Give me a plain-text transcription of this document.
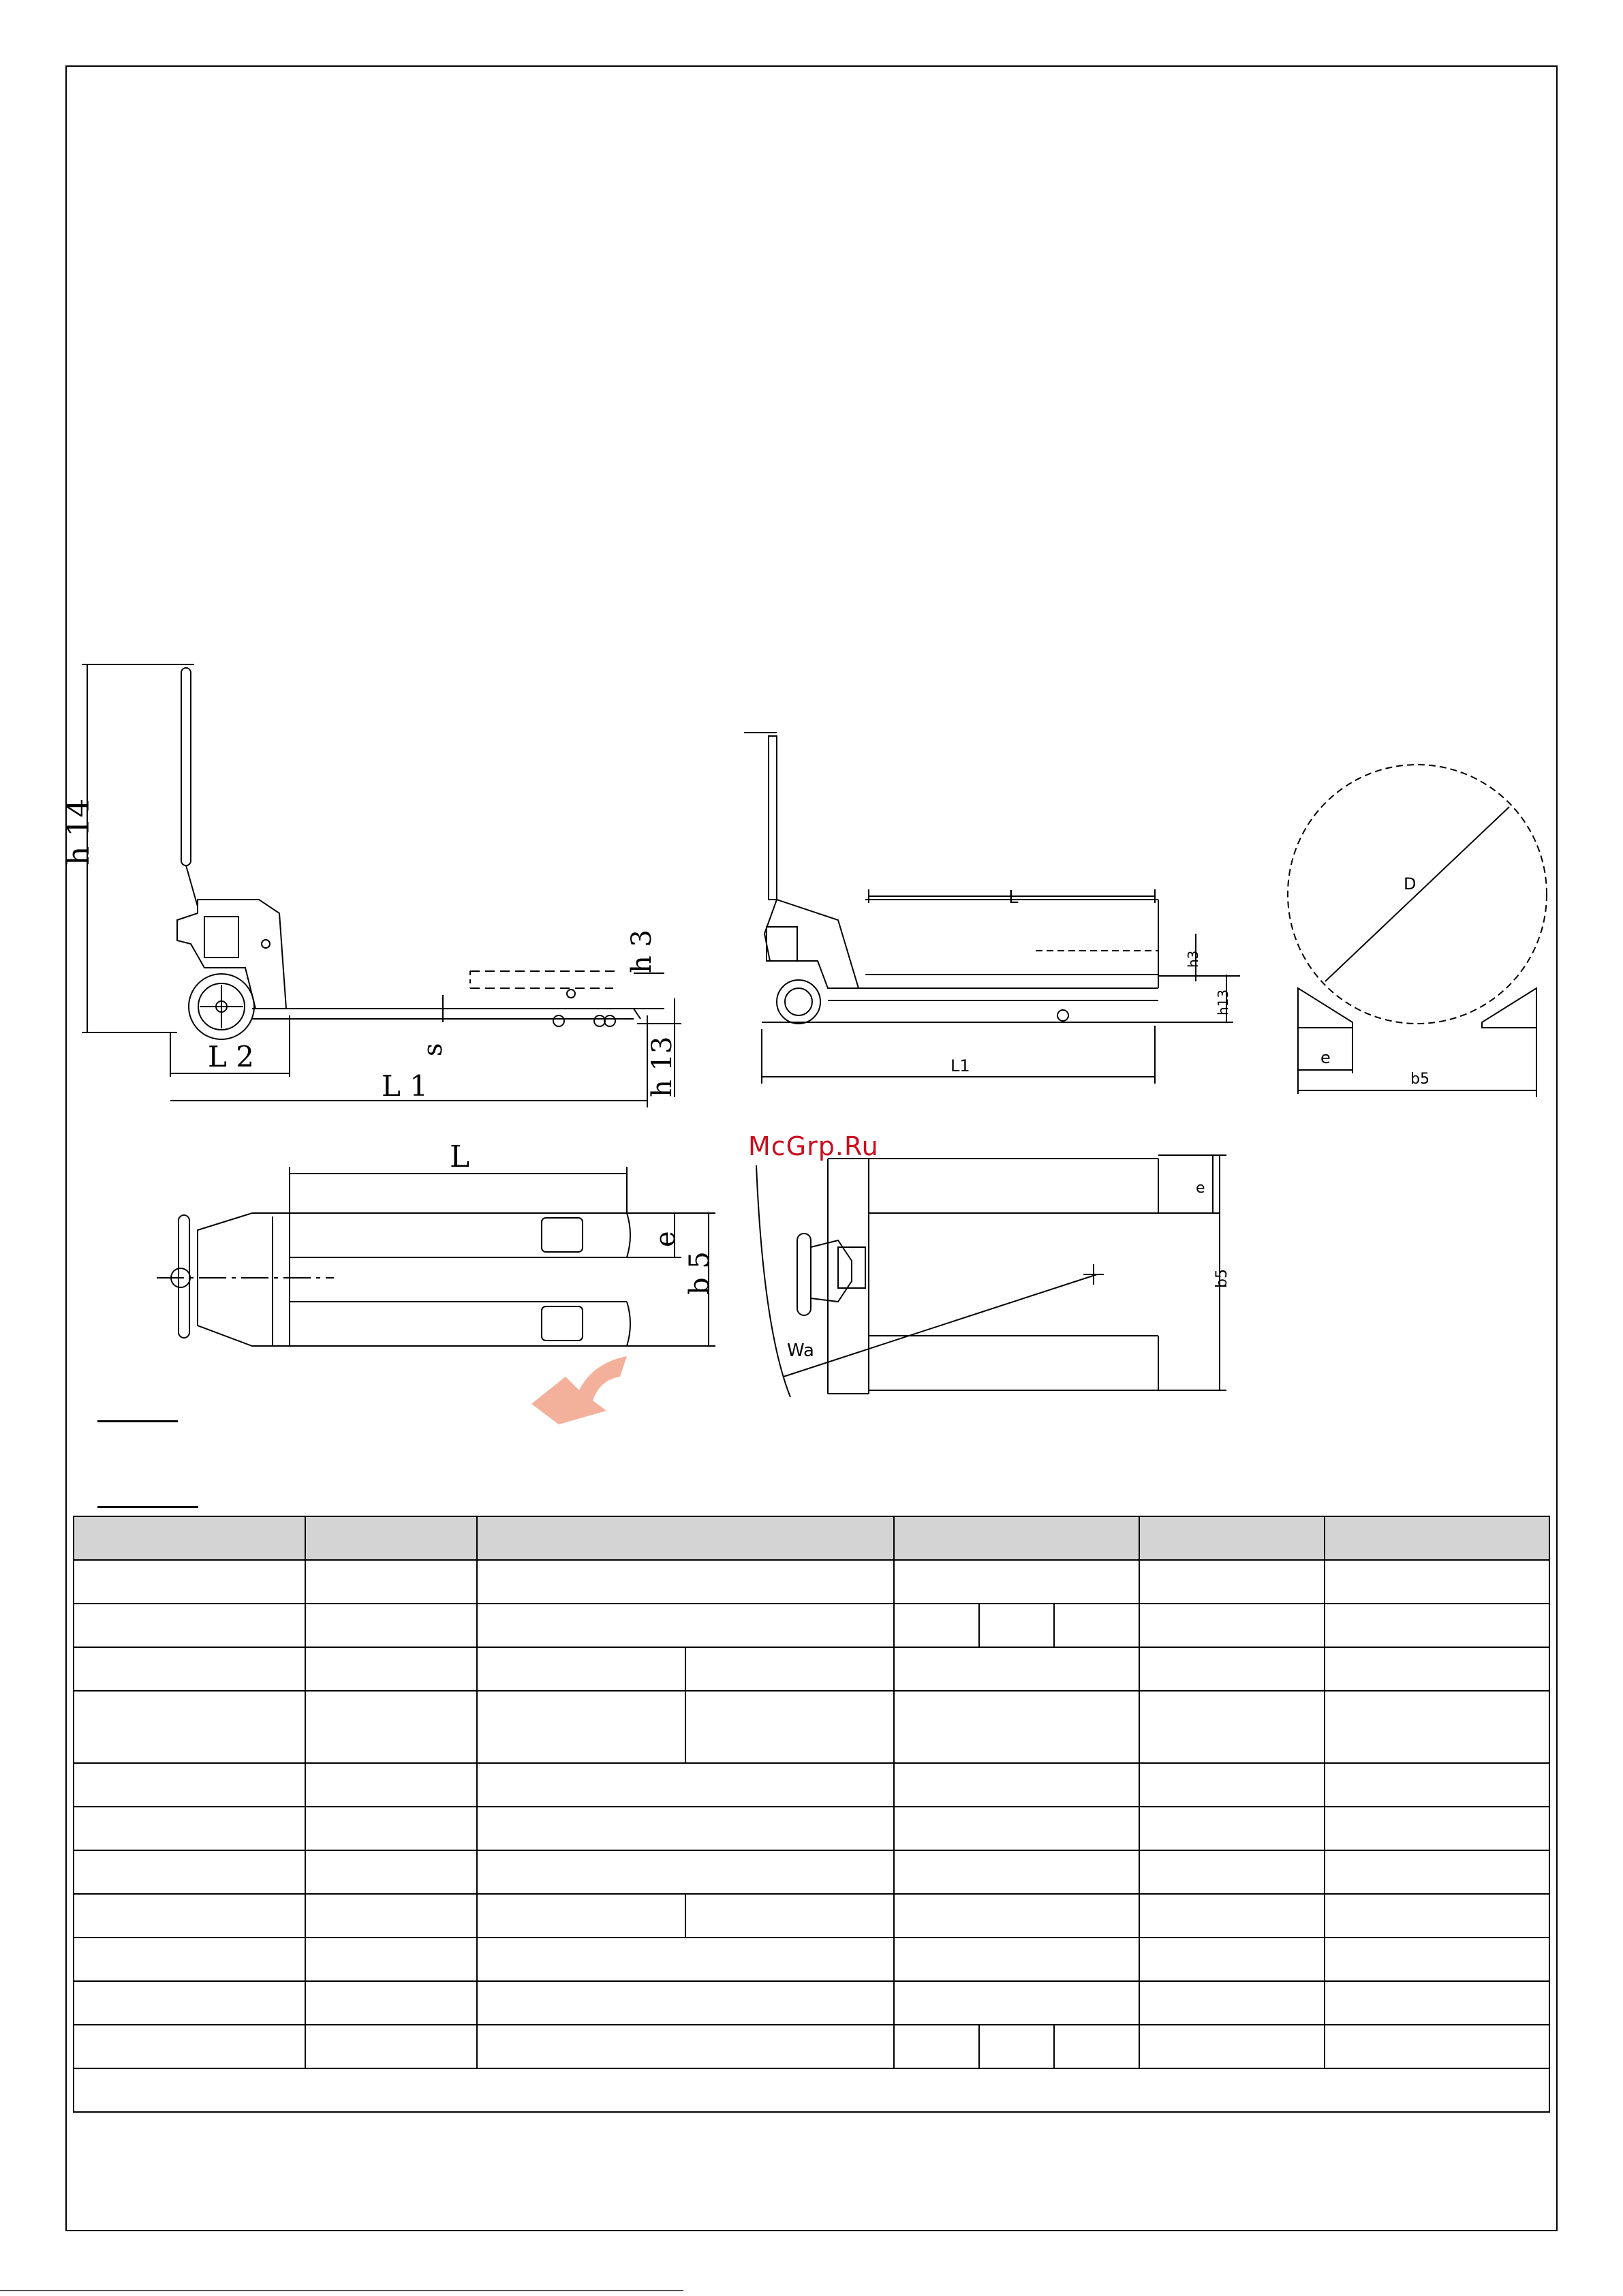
h 14
h 3
s	h 13
L 2
L 1
L
h3
h13
L1
D
e
b5
L
e
b 5
e
b5
Wa
McGrp.Ru
